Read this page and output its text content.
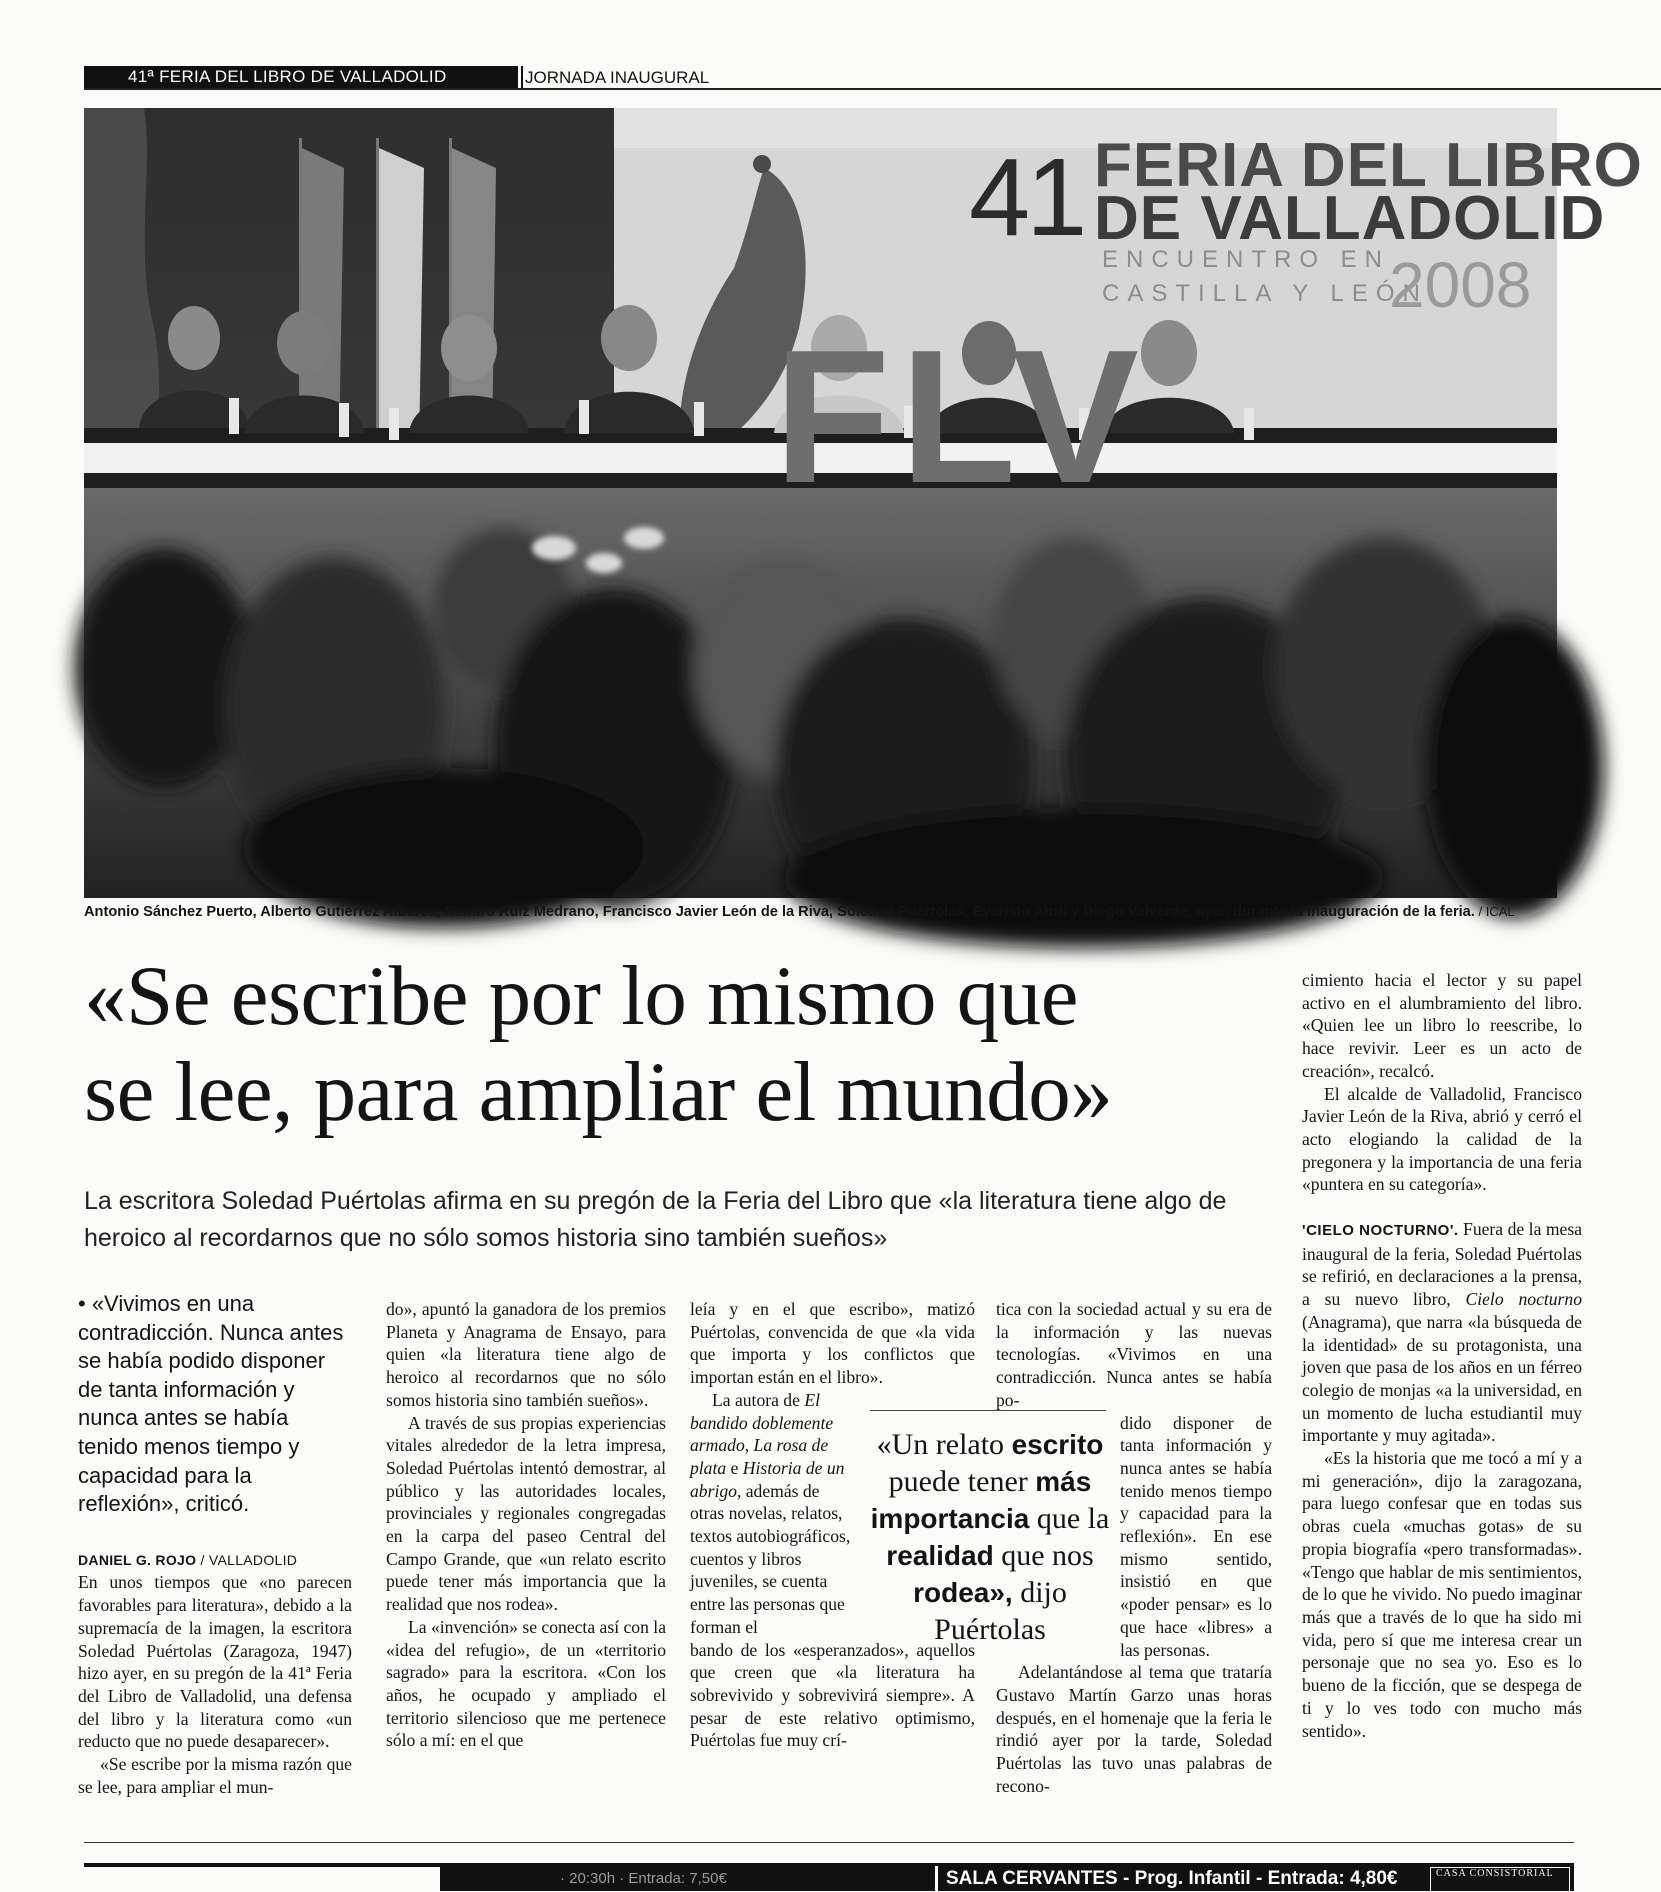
41ª FERIA DEL LIBRO DE VALLADOLID	JORNADA INAUGURAL
41 FERIA DEL LIBRO
DE VALLADOLID
ENCUENTRO EN
CASTILLA Y LEÓN
2008
FLV
Antonio Sánchez Puerto, Alberto Gutiérrez Alberca, Ramiro Ruiz Medrano, Francisco Javier León de la Riva, Soledad Puértolas, Evaristo Abril y Diego Valverde, ayer, durante la inauguración de la feria. / ICAL
«Se escribe por lo mismo que
se lee, para ampliar el mundo»
La escritora Soledad Puértolas afirma en su pregón de la Feria del Libro que «la literatura tiene algo de heroico al recordarnos que no sólo somos historia sino también sueños»
• «Vivimos en una contradicción. Nunca antes se había podido disponer de tanta información y nunca antes se había tenido menos tiempo y capacidad para la reflexión», criticó.
DANIEL G. ROJO / VALLADOLID

En unos tiempos que «no parecen favorables para literatura», debido a la supremacía de la imagen, la escritora Soledad Puértolas (Zaragoza, 1947) hizo ayer, en su pregón de la 41ª Feria del Libro de Valladolid, una defensa del libro y la literatura como «un reducto que no puede desaparecer».

«Se escribe por la misma razón que se lee, para ampliar el mun-

do», apuntó la ganadora de los premios Planeta y Anagrama de Ensayo, para quien «la literatura tiene algo de heroico al recordarnos que no sólo somos historia sino también sueños».

A través de sus propias experiencias vitales alrededor de la letra impresa, Soledad Puértolas intentó demostrar, al público y las autoridades locales, provinciales y regionales congregadas en la carpa del paseo Central del Campo Grande, que «un relato escrito puede tener más importancia que la realidad que nos rodea».

La «invención» se conecta así con la «idea del refugio», de un «territorio sagrado» para la escritora. «Con los años, he ocupado y ampliado el territorio silencioso que me pertenece sólo a mí: en el que

leía y en el que escribo», matizó Puértolas, convencida de que «la vida que importa y los conflictos que importan están en el libro».

La autora de El bandido doblemente armado, La rosa de plata e Historia de un abrigo, además de otras novelas, relatos, textos autobiográficos, cuentos y libros juveniles, se cuenta entre las personas que forman el

bando de los «esperanzados», aquellos que creen que «la literatura ha sobrevivido y sobrevivirá siempre». A pesar de este relativo optimismo, Puértolas fue muy crí-

tica con la sociedad actual y su era de la información y las nuevas tecnologías. «Vivimos en una contradicción. Nunca antes se había po-

dido disponer de tanta información y nunca antes se había tenido menos tiempo y capacidad para la reflexión». En ese mismo sentido, insistió en que «poder pensar» es lo que hace «libres» a las personas.

Adelantándose al tema que trataría Gustavo Martín Garzo unas horas después, en el homenaje que la feria le rindió ayer por la tarde, Soledad Puértolas las tuvo unas palabras de recono-

«Un relato escrito puede tener más importancia que la realidad que nos rodea», dijo Puértolas

cimiento hacia el lector y su papel activo en el alumbramiento del libro. «Quien lee un libro lo reescribe, lo hace revivir. Leer es un acto de creación», recalcó.

El alcalde de Valladolid, Francisco Javier León de la Riva, abrió y cerró el acto elogiando la calidad de la pregonera y la importancia de una feria «puntera en su categoría».

'CIELO NOCTURNO'. Fuera de la mesa inaugural de la feria, Soledad Puértolas se refirió, en declaraciones a la prensa, a su nuevo libro, Cielo nocturno (Anagrama), que narra «la búsqueda de la identidad» de su protagonista, una joven que pasa de los años en un férreo colegio de monjas «a la universidad, en un momento de lucha estudiantil muy importante y muy agitada».

«Es la historia que me tocó a mí y a mi generación», dijo la zaragozana, para luego confesar que en todas sus obras cuela «muchas gotas» de su propia biografía «pero transformadas». «Tengo que hablar de mis sentimientos, de lo que he vivido. No puedo imaginar más que a través de lo que ha sido mi vida, pero sí que me interesa crear un personaje que no sea yo. Eso es lo bueno de la ficción, que se despega de ti y lo ves todo con mucho más sentido».

· 20:30h · Entrada: 7,50€	SALA CERVANTES - Prog. Infantil - Entrada: 4,80€	CASA CONSISTORIAL
